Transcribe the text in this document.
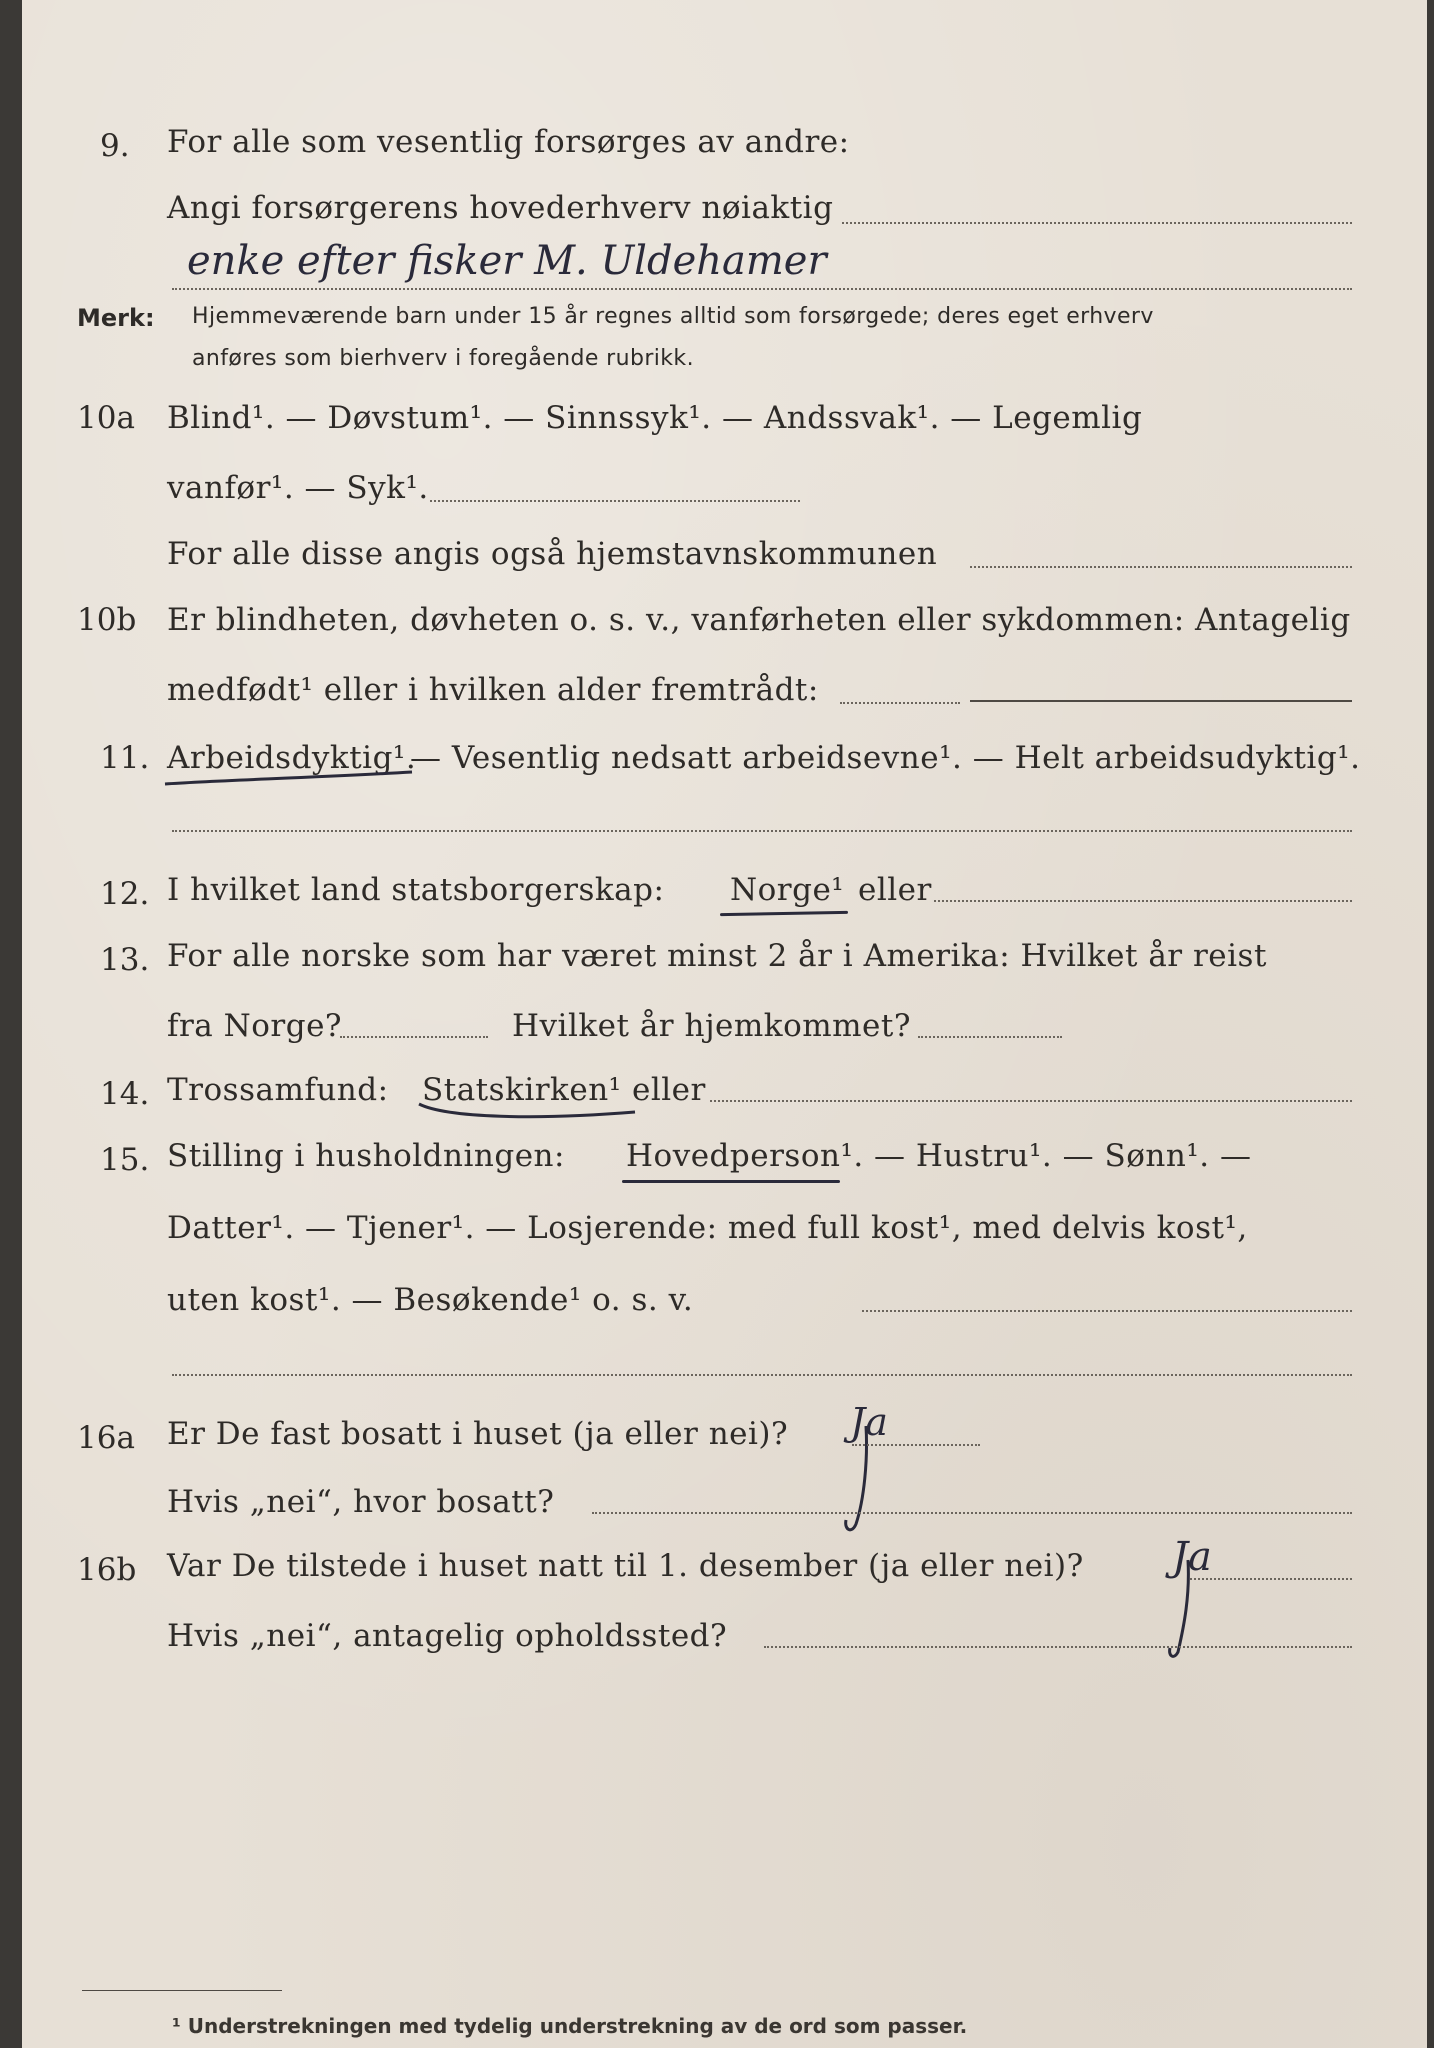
9. For alle som vesentlig forsørges av andre:
Angi forsørgerens hovederhverv nøiaktig
enke efter fisker M. Uldehamer
Merk: Hjemmeværende barn under 15 år regnes alltid som forsørgede; deres eget erhverv
anføres som bierhverv i foregående rubrikk.
10a Blind¹. — Døvstum¹. — Sinnssyk¹. — Andssvak¹. — Legemlig
vanfør¹. — Syk¹.
For alle disse angis også hjemstavnskommunen
10b Er blindheten, døvheten o. s. v., vanførheten eller sykdommen: Antagelig
medfødt¹ eller i hvilken alder fremtrådt:
11. Arbeidsdyktig¹.
— Vesentlig nedsatt arbeidsevne¹. — Helt arbeidsudyktig¹.
12. I hvilket land statsborgerskap: Norge¹ eller
13. For alle norske som har været minst 2 år i Amerika: Hvilket år reist
fra Norge?	Hvilket år hjemkommet?
14. Trossamfund: Statskirken¹ eller
15. Stilling i husholdningen: Hovedperson¹. — Hustru¹. — Sønn¹. —
Datter¹. — Tjener¹. — Losjerende: med full kost¹, med delvis kost¹,
uten kost¹. — Besøkende¹ o. s. v.
16a Er De fast bosatt i huset (ja eller nei)? Ja
Hvis „nei“, hvor bosatt?
16b Var De tilstede i huset natt til 1. desember (ja eller nei)? Ja
Hvis „nei“, antagelig opholdssted?
¹ Understrekningen med tydelig understrekning av de ord som passer.
